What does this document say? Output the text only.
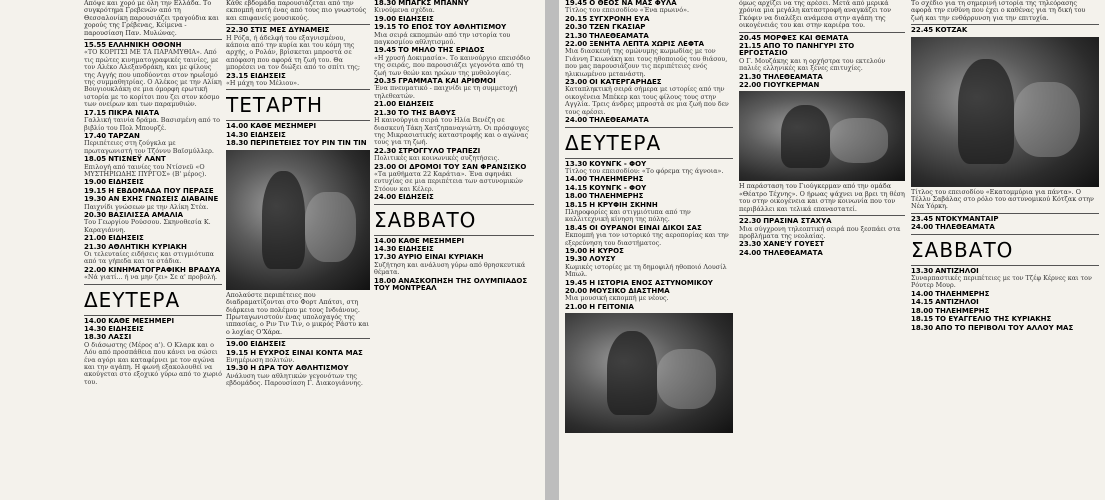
Απόψε και χορό με όλη την Ελλάδα. Το συγκρότημα Γρεβενών από τη Θεσσαλονίκη παρουσιάζει τραγούδια και χορούς της Γρέβενας, Κείμενα - παρουσίαση Παν. Μυλώνας.
15.55 ΕΛΛΗΝΙΚΗ ΟΘΟΝΗ
«ΤΟ ΚΟΡΙΤΣΙ ΜΕ ΤΑ ΠΑΡΑΜΥΘΙΑ». Από τις πρώτες κινηματογραφικές ταινίες, με τον Αλέκο Αλεξανδράκη, και με φίλους της Αγγής που υποδύονται στον ηρωΐσμό της συμμαθητρίας. Ο Αλέκος με την Αλίκη Βουγιουκλάκη σε μια όμορφη ερωτική ιστορία με το κορίτσι που ζει στον κόσμο των ονείρων και των παραμυθιών.
17.15 ΠΙΚΡΑ ΝΙΑΤΑ
Γαλλική ταινία δράμα. Βασισμένη από το βιβλίο του Πολ Μπουρζέ.
17.40 ΤΑΡΖΑΝ
Περιπέτειες στη ζούγκλα με πρωταγωνιστή τον Τζόννυ Βαϊσμύλλερ.
18.05 ΝΤΙΣΝΕΫ ΛΑΝΤ
Επιλογή από ταινίες του Ντίσνεϋ «Ο ΜΥΣΤΗΡΙΩΔΗΣ ΠΥΡΓΟΣ» (Β' μέρος).
19.00 ΕΙΔΗΣΕΙΣ
19.15 Η ΕΒΔΟΜΑΔΑ ΠΟΥ ΠΕΡΑΣΕ
19.30 ΑΝ ΕΧΗΣ ΓΝΩΣΕΙΣ ΔΙΑΒΑΙΝΕ
Παιχνίδι γνώσεων με την Αλίκη Στέα.
20.30 ΒΑΣΙΛΙΣΣΑ ΑΜΑΛΙΑ
Του Γεωργίου Ρούσσου. Σκηνοθεσία Κ. Καραγιάννη.
21.00 ΕΙΔΗΣΕΙΣ
21.30 ΑΘΛΗΤΙΚΗ ΚΥΡΙΑΚΗ
Οι τελευταίες ειδήσεις και στιγμιότυπα από τα γήπεδα και τα στάδια.
22.00 ΚΙΝΗΜΑΤΟΓΡΑΦΙΚΗ ΒΡΑΔΥΑ
«Νά γιατί... ή να μην ζει» Σε α' προβολή.
ΔΕΥΤΕΡΑ
14.00 ΚΑΘΕ ΜΕΣΗΜΕΡΙ
14.30 ΕΙΔΗΣΕΙΣ
18.30 ΛΑΣΣΙ
Ο διάσωστης (Μέρος α'). Ο Κλαρκ και ο Λόυ από προσπάθεια που κάνει να σώσει ένα αγόρι και καταφέρνει με τον αγώνα και την αγάπη. Η φωνή εξακολουθεί να ακούγεται στο εξοχικό γύρω από το χωριό του.
Κάθε εβδομάδα παρουσιάζεται από την εκπομπή αυτή ένας από τους πιο γνωστούς και επιφανείς μουσικούς.
22.30 ΣΤΙΣ ΜΕΣ ΔΥΝΑΜΕΙΣ
Η Ρόζα, ή άδελφή του εξαγνισμένου, κάποια από την κυρία και του κόμη της αρχής, ο Ρολάν, βρίσκεται μπροστά σε απόφαση που αφορά τη ζωή του. Θα μπορέσει να τον διώξει από το σπίτι της;
23.15 ΕΙΔΗΣΕΙΣ
«Η μάχη του Μέλιου».
ΤΕΤΑΡΤΗ
14.00 ΚΑΘΕ ΜΕΣΗΜΕΡΙ
14.30 ΕΙΔΗΣΕΙΣ
18.30 ΠΕΡΙΠΕΤΕΙΕΣ ΤΟΥ ΡΙΝ ΤΙΝ ΤΙΝ
Απολαύστε περιπέτειες που διαδραματίζονται στο Φορτ Απάτσι, στη διάρκεια του πολέμου με τους Ινδιάνους. Πρωταγωνιστούν ένας υπολοχαγός της ιππασίας, ο Ριν Τιν Τιν, ο μικρός Ράστυ και ο λοχίας Ο'Χάρα.
19.00 ΕΙΔΗΣΕΙΣ
19.15 Η ΕΥΧΡΟΣ ΕΙΝΑΙ ΚΟΝΤΑ ΜΑΣ
Ενημέρωση πολιτών.
19.30 Η ΩΡΑ ΤΟΥ ΑΘΛΗΤΙΣΜΟΥ
Ανάλυση των αθλητικών γεγονότων της εβδομάδος. Παρουσίαση Γ. Διακογιάννης.
18.30 ΜΠΑΓΚΣ ΜΠΑΝΝΥ
Κινούμενα σχέδια.
19.00 ΕΙΔΗΣΕΙΣ
19.15 ΤΟ ΕΠΟΣ ΤΟΥ ΑΘΛΗΤΙΣΜΟΥ
Μια σειρά εκπομπών από την ιστορία του παγκοσμίου αθλητισμού.
19.45 ΤΟ ΜΗΛΟ ΤΗΣ ΕΡΙΔΟΣ
«Η χρυσή Δοκιμασία». Το καινούργιο επεισόδιο της σειράς, που παρουσιάζει γεγονότα από τη ζωή των θεών και ηρώων της μυθολογίας.
20.35 ΓΡΑΜΜΑΤΑ ΚΑΙ ΑΡΙΘΜΟΙ
Ένα πνευματικό - παιχνίδι με τη συμμετοχή τηλεθεατών.
21.00 ΕΙΔΗΣΕΙΣ
21.30 ΤΟ ΤΗΣ ΒΑΘΥΣ
Η καινούργια σειρά του Ηλία Βενέζη σε διασκευή Τάκη Χατζηπαναγιώτη. Οι πρόσφυγες της Μικρασιατικής καταστροφής και ο αγώνας τους για τη ζωή.
22.30 ΣΤΡΟΓΓΥΛΟ ΤΡΑΠΕΖΙ
Πολιτικές και κοινωνικές συζητήσεις.
23.00 ΟΙ ΔΡΟΜΟΙ ΤΟΥ ΣΑΝ ΦΡΑΝΣΙΣΚΟ
«Τα μαθήματα 22 Καράτια». Ένα σφηνάκι ευτυχίας σε μια περιπέτεια των αστυνομικών Στόουν και Κέλερ.
24.00 ΕΙΔΗΣΕΙΣ
ΣΑΒΒΑΤΟ
14.00 ΚΑΘΕ ΜΕΣΗΜΕΡΙ
14.30 ΕΙΔΗΣΕΙΣ
17.30 ΑΥΡΙΟ ΕΙΝΑΙ ΚΥΡΙΑΚΗ
Συζήτηση και ανάλυση γύρω από θρησκευτικά θέματα.
18.00 ΑΝΑΣΚΟΠΗΣΗ ΤΗΣ ΟΛΥΜΠΙΑΔΟΣ ΤΟΥ ΜΟΝΤΡΕΑΛ
19.45 Ο ΘΕΟΣ ΝΑ ΜΑΣ ΦΥΛΑ
Τίτλος του επεισοδίου «Ένα πρωινό».
20.15 ΣΥΓΧΡΟΝΗ ΕΥΑ
20.30 ΤΖΕΝ ΓΚΑΣΙΑΡ
21.30 ΤΗΛΕΘΕΑΜΑΤΑ
22.00 ΞΕΝΗΤΑ ΛΕΠΤΑ ΧΩΡΙΣ ΛΕΦΤΑ
Μια διασκευή της ομώνυμης κωμωδίας με τον Γιάννη Γκιωνάκη και τους ηθοποιούς του θιάσου, που μας παρουσιάζουν τις περιπέτειες ενός ηλικιωμένου μετανάστη.
23.00 ΟΙ ΚΑΤΕΡΓΑΡΗΔΕΣ
Καταπληκτική σειρά σήμερα με ιστορίες από την οικογένεια Μπέκερ και τους φίλους τους στην Αγγλία. Τρεις άνδρες μπροστά σε μια ζωή που δεν τους αρέσει.
24.00 ΤΗΛΕΘΕΑΜΑΤΑ
ΔΕΥΤΕΡΑ
13.30 ΚΟΥΝΓΚ - ΦΟΥ
Τίτλος του επεισοδίου: «Το φόρεμα της άγνοια».
14.00 ΤΗΛΕΗΜΕΡΗΣ
14.15 ΚΟΥΝΓΚ - ΦΟΥ
18.00 ΤΗΛΕΗΜΕΡΗΣ
18.15 Η ΚΡΥΦΙΗ ΣΚΗΝΗ
Πληροφορίες και στιγμιότυπα από την καλλιτεχνική κίνηση της πόλης.
18.45 ΟΙ ΟΥΡΑΝΟΙ ΕΙΝΑΙ ΔΙΚΟΙ ΣΑΣ
Εκπομπή για τον ιστορικό της αεροπορίας και την εξερεύνηση του διαστήματος.
19.00 Η ΚΥΡΟΣ
19.30 ΛΟΥΣΥ
Κωμικές ιστορίες με τη δημοφιλή ηθοποιό Λουσίλ Μπωλ.
19.45 Η ΙΣΤΟΡΙΑ ΕΝΟΣ ΑΣΤΥΝΟΜΙΚΟΥ
20.00 ΜΟΥΣΙΚΟ ΔΙΑΣΤΗΜΑ
Μια μουσική εκπομπή με νέους.
21.00 Η ΓΕΙΤΟΝΙΑ
όμως αρχίζει να της αρέσει. Μετά από μερικά χρόνια μια μεγάλη καταστροφή αναγκάζει τον Γκόφιν να διαλέξει ανάμεσα στην αγάπη της οικογένειάς του και στην καριέρα του.
20.45 ΜΟΡΦΕΣ ΚΑΙ ΘΕΜΑΤΑ
21.15 ΑΠΟ ΤΟ ΠΑΝΗΓΥΡΙ ΣΤΟ ΕΡΓΟΣΤΑΣΙΟ
Ο Γ. Μουζάκης και η ορχήστρα του εκτελούν παλιές ελληνικές και ξένες επιτυχίες.
21.30 ΤΗΛΕΘΕΑΜΑΤΑ
22.00 ΓΙΟΥΓΚΕΡΜΑΝ
Η παράσταση του Γιούγκερμαν από την ομάδα «Θέατρο Τέχνης». Ο ήρωας ψάχνει να βρει τη θέση του στην οικογένεια και στην κοινωνία που τον περιβάλλει και τελικά επαναστατεί.
22.30 ΠΡΑΣΙΝΑ ΣΤΑΧΥΑ
Μια σύγχρονη τηλεοπτική σειρά που ξεσπάει στα προβλήματα της νεολαίας.
23.30 ΧΑΝΕ'Υ ΓΟΥΕΣΤ
24.00 ΤΗΛΕΘΕΑΜΑΤΑ
Το σχέδιο για τη σημερινή ιστορία της τηλεόρασης αφορά την ευθύνη που έχει ο καθένας για τη δική του ζωή και την ενθάρρυνση για την επιτυχία.
22.45 ΚΟΤΖΑΚ
Τίτλος του επεισοδίου «Εκατομμύρια για πάντα». Ο Τέλλυ Σαβάλας στο ρόλο του αστυνομικού Κότζακ στην Νέα Υόρκη.
23.45 ΝΤΟΚΥΜΑΝΤΑΙΡ
24.00 ΤΗΛΕΘΕΑΜΑΤΑ
ΣΑΒΒΑΤΟ
13.30 ΑΝΤΙΖΗΛΟΙ
Συναρπαστικές περιπέτειες με τον Τζέφ Κέρνες και τον Ρόυτερ Μουρ.
14.00 ΤΗΛΕΗΜΕΡΗΣ
14.15 ΑΝΤΙΖΗΛΟΙ
18.00 ΤΗΛΕΗΜΕΡΗΣ
18.15 ΤΟ ΕΥΑΓΓΕΛΙΟ ΤΗΣ ΚΥΡΙΑΚΗΣ
18.30 ΑΠΟ ΤΟ ΠΕΡΙΒΟΛΙ ΤΟΥ ΑΛΛΟΥ ΜΑΣ
